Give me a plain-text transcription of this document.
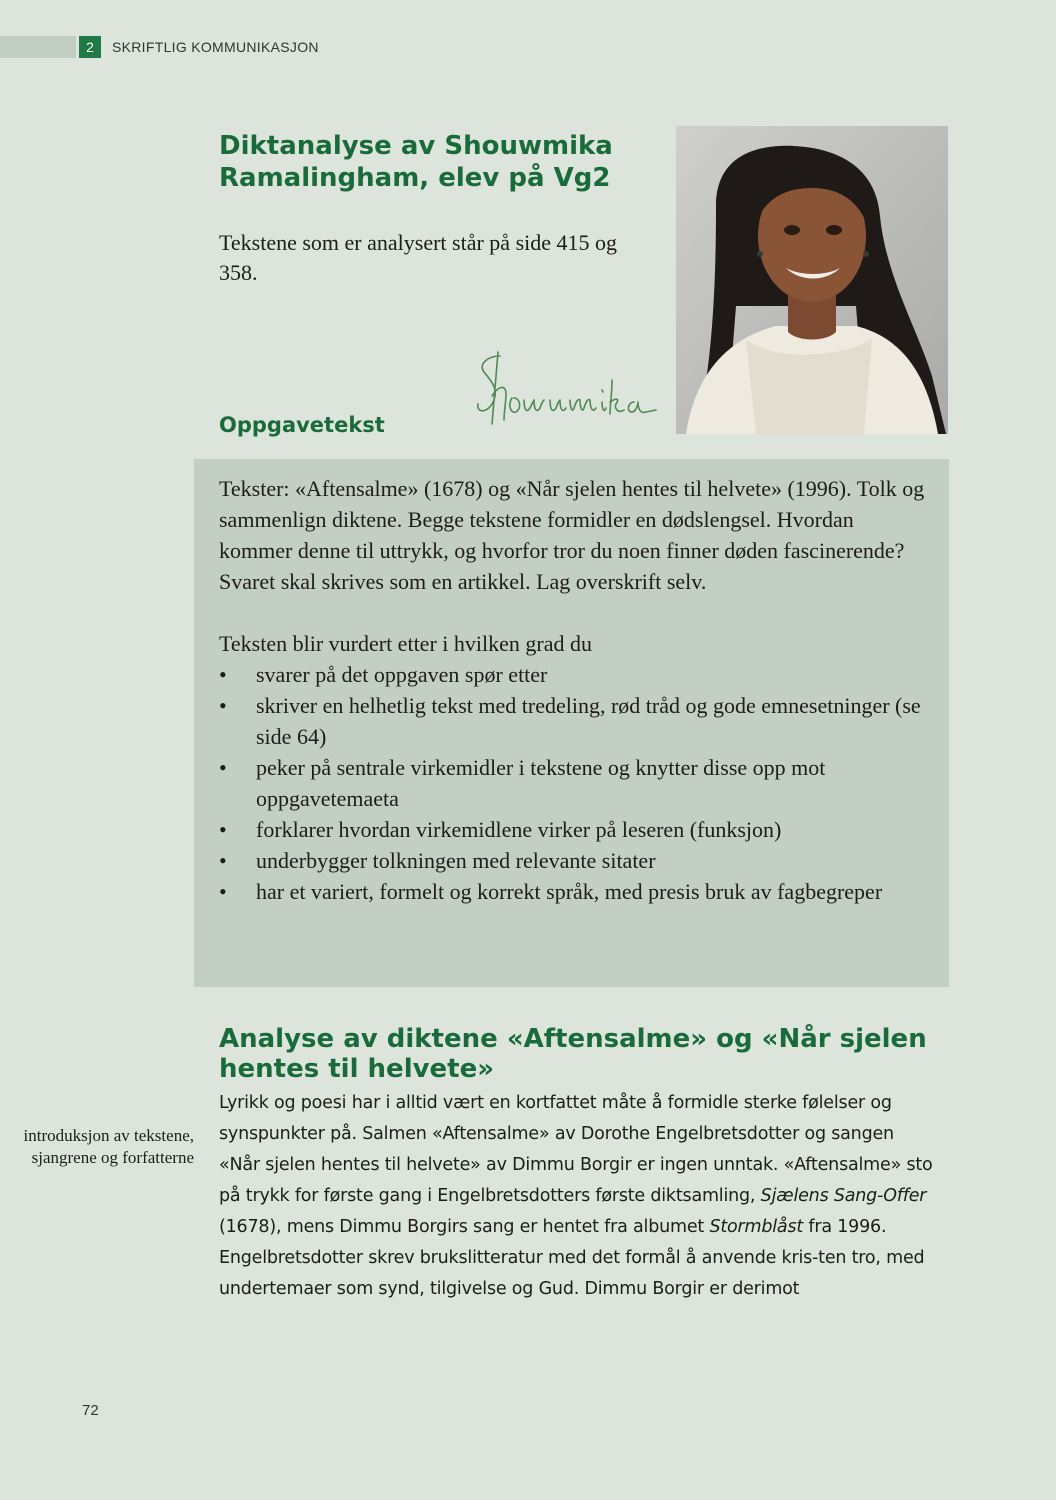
2	SKRIFTLIG KOMMUNIKASJON
Diktanalyse av Shouwmika Ramalingham, elev på Vg2
Tekstene som er analysert står på side 415 og 358.
Oppgavetekst

Tekster: «Aftensalme» (1678) og «Når sjelen hentes til helvete» (1996). Tolk og sammenlign diktene. Begge tekstene formidler en dødslengsel. Hvordan kommer denne til uttrykk, og hvorfor tror du noen finner døden fascinerende? Svaret skal skrives som en artikkel. Lag overskrift selv.

Teksten blir vurdert etter i hvilken grad du

• svarer på det oppgaven spør etter
• skriver en helhetlig tekst med tredeling, rød tråd og gode emnesetninger (se side 64)
• peker på sentrale virkemidler i tekstene og knytter disse opp mot oppgavetemaeta
• forklarer hvordan virkemidlene virker på leseren (funksjon)
• underbygger tolkningen med relevante sitater
• har et variert, formelt og korrekt språk, med presis bruk av fagbegreper
Analyse av diktene «Aftensalme» og «Når sjelen hentes til helvete»
introduksjon av tekstene, sjangrene og forfatterne

Lyrikk og poesi har i alltid vært en kortfattet måte å formidle sterke følelser og synspunkter på. Salmen «Aftensalme» av Dorothe Engelbretsdotter og sangen «Når sjelen hentes til helvete» av Dimmu Borgir er ingen unntak. «Aftensalme» sto på trykk for første gang i Engelbretsdotters første diktsamling, Sjælens Sang-Offer (1678), mens Dimmu Borgirs sang er hentet fra albumet Stormblåst fra 1996. Engelbretsdotter skrev brukslitteratur med det formål å anvende kris-ten tro, med undertemaer som synd, tilgivelse og Gud. Dimmu Borgir er derimot

72
